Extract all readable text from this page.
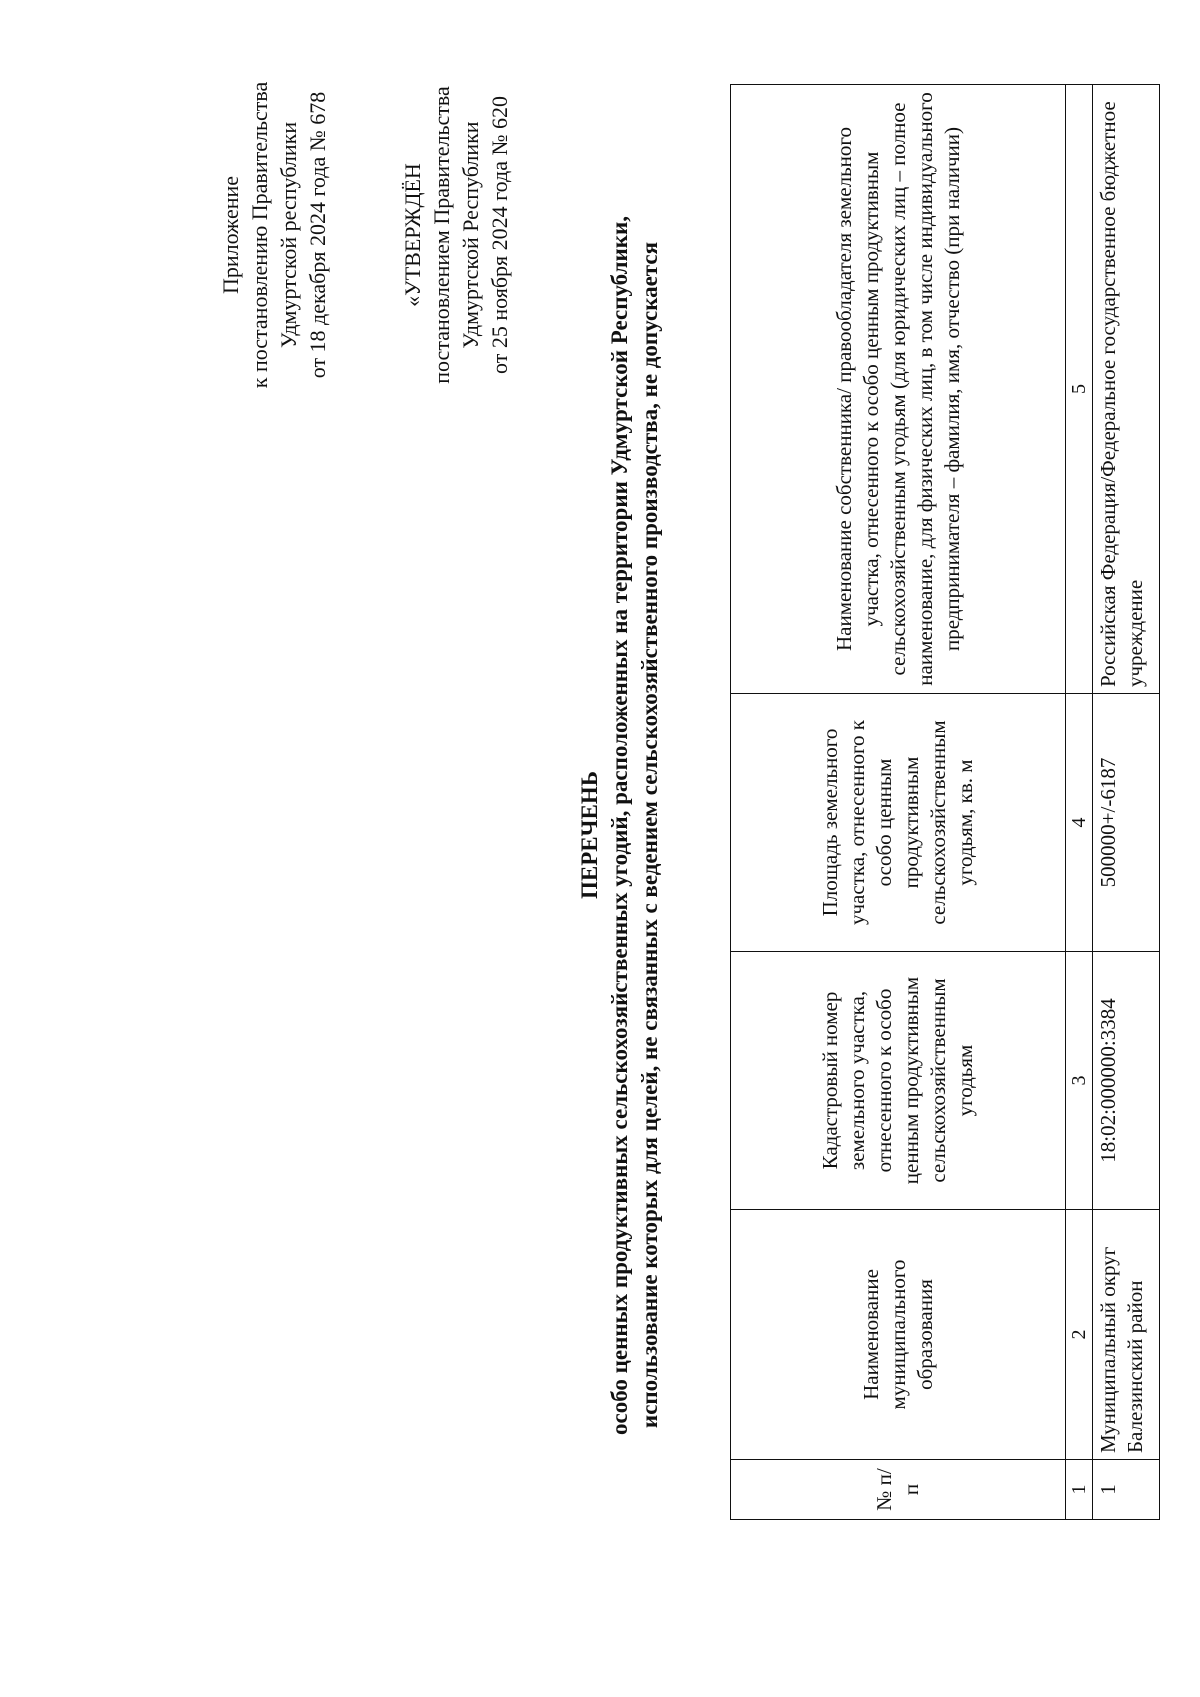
Приложение к постановлению Правительства Удмуртской республики от 18 декабря 2024 года № 678	«УТВЕРЖДЁН постановлением Правительства Удмуртской Республики от 25 ноября 2024 года № 620
ПЕРЕЧЕНЬ особо ценных продуктивных сельскохозяйственных угодий, расположенных на территории Удмуртской Республики, использование которых для целей, не связанных с ведением сельскохозяйственного производства, не допускается
№ п/п	Наименование муниципального образования	Кадастровый номер земельного участка, отнесенного к особо ценным продуктивным сельскохозяйственным угодьям	Площадь земельного участка, отнесенного к особо ценным продуктивным сельскохозяйственным угодьям, кв. м	Наименование собственника/ правообладателя земельного участка, отнесенного к особо ценным продуктивным сельскохозяйственным угодьям (для юридических лиц – полное наименование, для физических лиц, в том числе индивидуального предпринимателя – фамилия, имя, отчество (при наличии)
1	2	3	4	5
1	Муниципальный округ Балезинский район	18:02:000000:3384	500000+/-6187	Российская Федерация/Федеральное государственное бюджетное учреждение
